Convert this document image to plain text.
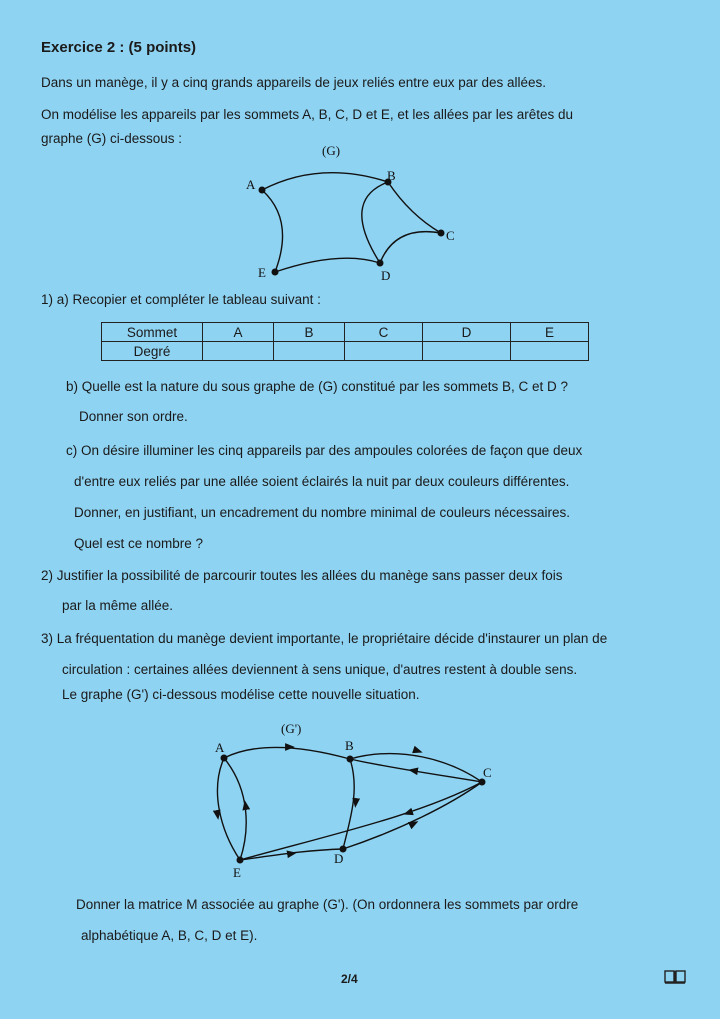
Exercice 2 : (5 points)
Dans un manège, il y a cinq grands appareils de jeux reliés entre eux par des allées.
On modélise les appareils par les sommets A, B, C, D et E, et les allées par les arêtes du
graphe (G) ci-dessous :
(G)
A
B
C
D
E
1) a) Recopier et compléter le tableau suivant :
Sommet	A	B	C	D	E
Degré					
b) Quelle est la nature du sous graphe de (G) constitué par les sommets B, C et D ?
Donner son ordre.
c) On désire illuminer les cinq appareils par des ampoules colorées de façon que deux
d'entre eux reliés par une allée soient éclairés la nuit par deux couleurs différentes.
Donner, en justifiant, un encadrement du nombre minimal de couleurs nécessaires.
Quel est ce nombre ?
2) Justifier la possibilité de parcourir toutes les allées du manège sans passer deux fois
par la même allée.
3) La fréquentation du manège devient importante, le propriétaire décide d'instaurer un plan de
circulation : certaines allées deviennent à sens unique, d'autres restent à double sens.
Le graphe (G') ci-dessous modélise cette nouvelle situation.
(G')
A	B
C
D
E
Donner la matrice M associée au graphe (G'). (On ordonnera les sommets par ordre
alphabétique A, B, C, D et E).
2/4
